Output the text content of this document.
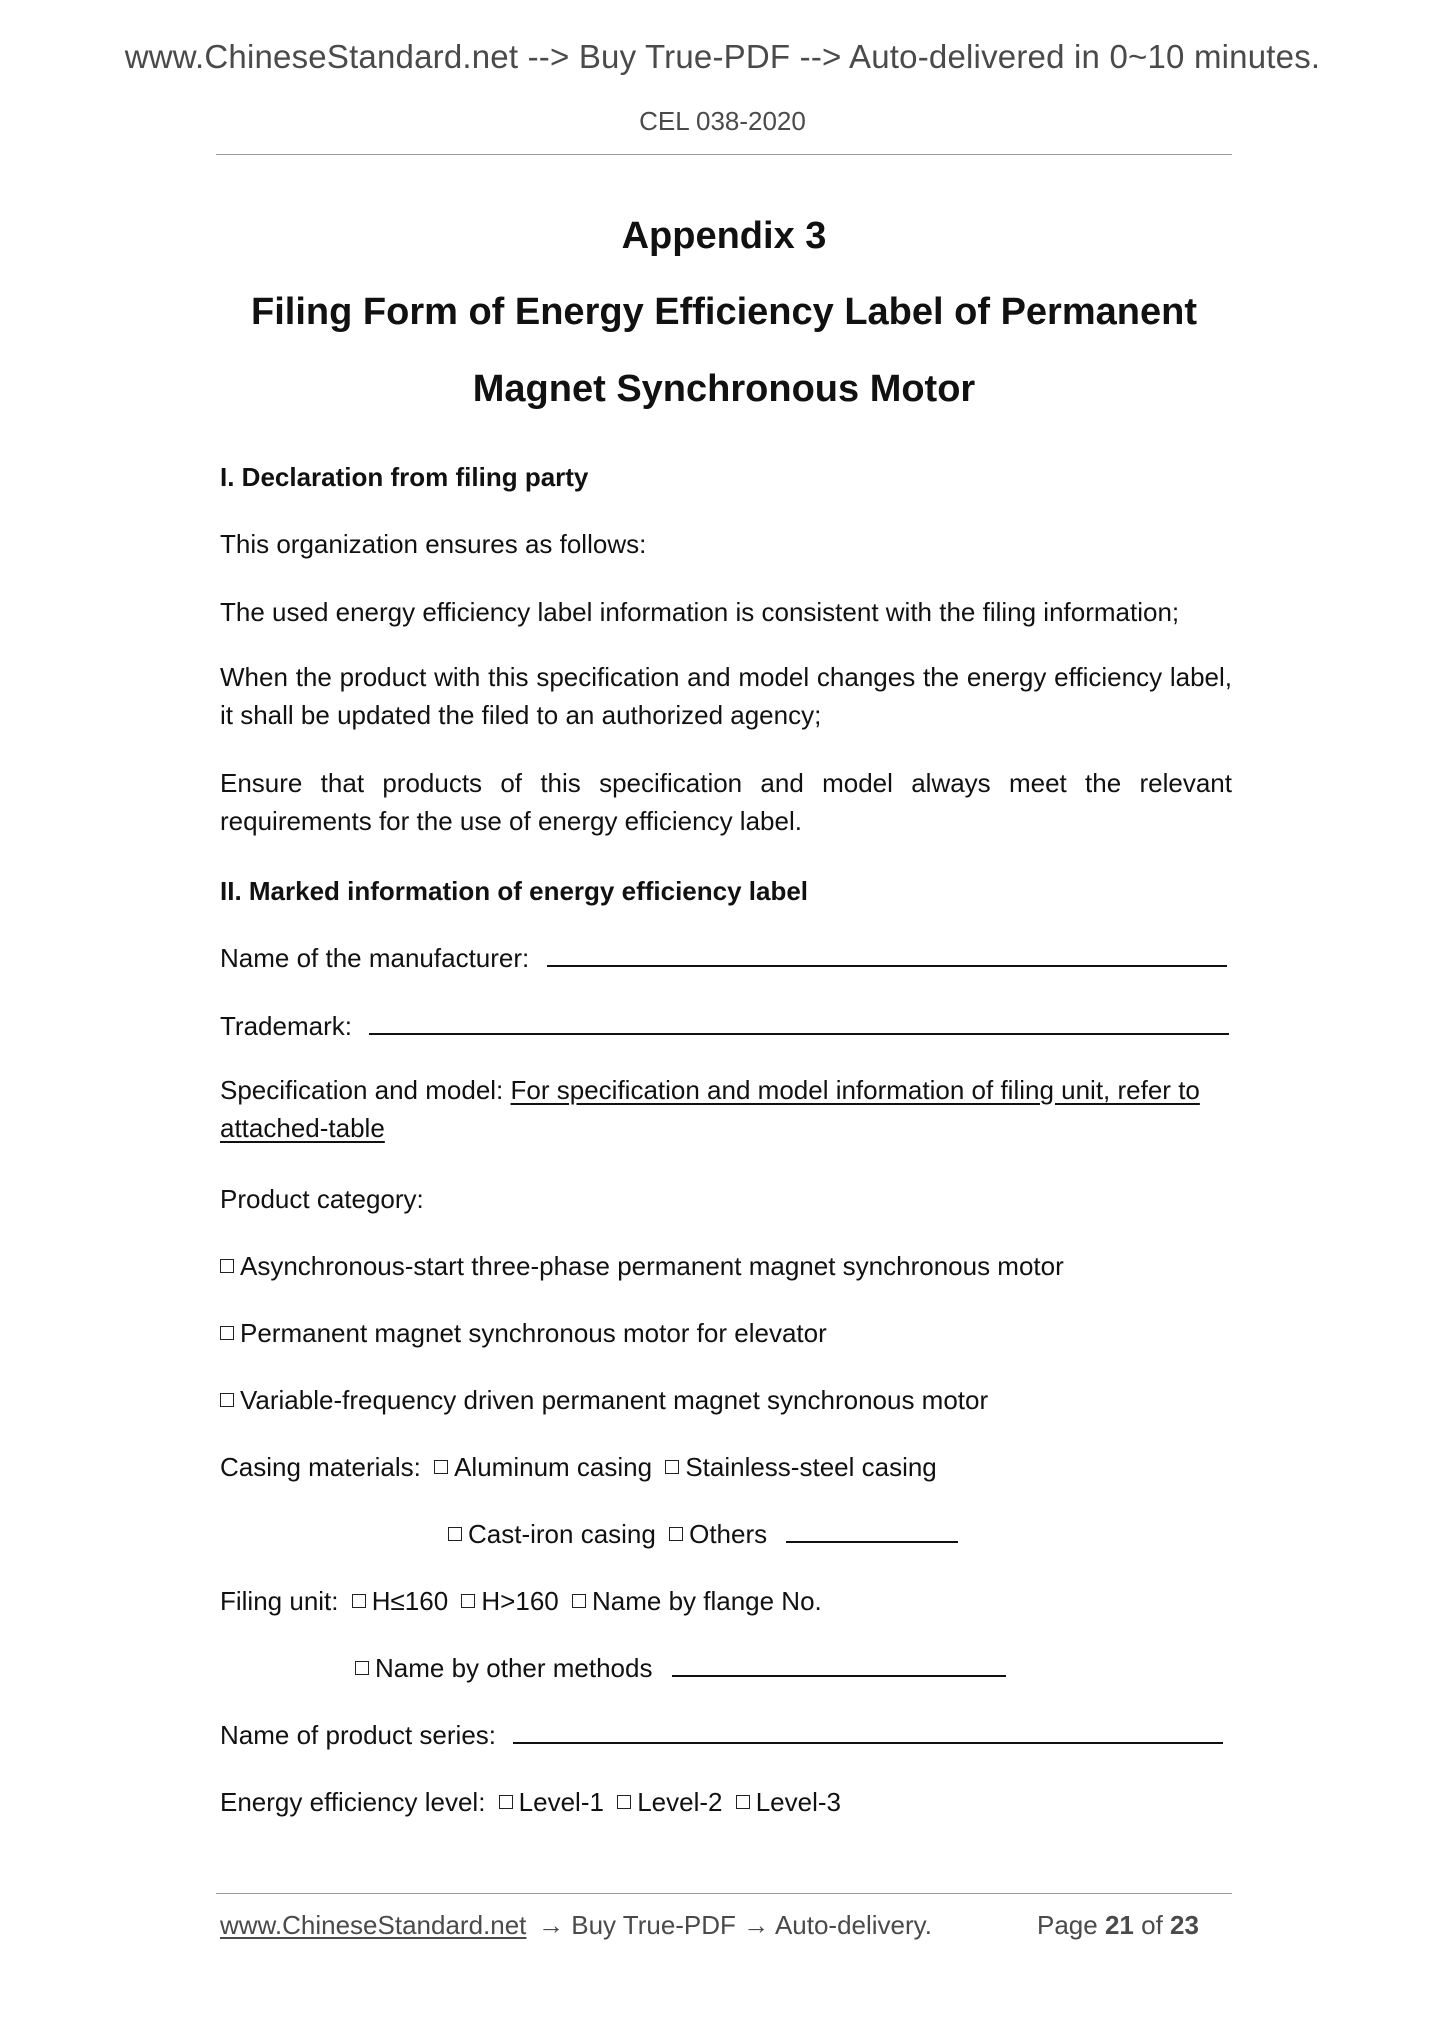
www.ChineseStandard.net --> Buy True-PDF --> Auto-delivered in 0~10 minutes.
CEL 038-2020
Appendix 3
Filing Form of Energy Efficiency Label of Permanent
Magnet Synchronous Motor
I. Declaration from filing party
This organization ensures as follows:
The used energy efficiency label information is consistent with the filing information;
When the product with this specification and model changes the energy efficiency label, it shall be updated the filed to an authorized agency;
Ensure that products of this specification and model always meet the relevant requirements for the use of energy efficiency label.
II. Marked information of energy efficiency label
Name of the manufacturer:
Trademark:
Specification and model: For specification and model information of filing unit, refer to attached-table
Product category:
Asynchronous-start three-phase permanent magnet synchronous motor
Permanent magnet synchronous motor for elevator
Variable-frequency driven permanent magnet synchronous motor
Casing materials: Aluminum casing Stainless-steel casing
Cast-iron casing Others
Filing unit: H≤160 H>160 Name by flange No.
Name by other methods
Name of product series:
Energy efficiency level: Level-1 Level-2 Level-3
www.ChineseStandard.net → Buy True-PDF → Auto-delivery.	Page 21 of 23
